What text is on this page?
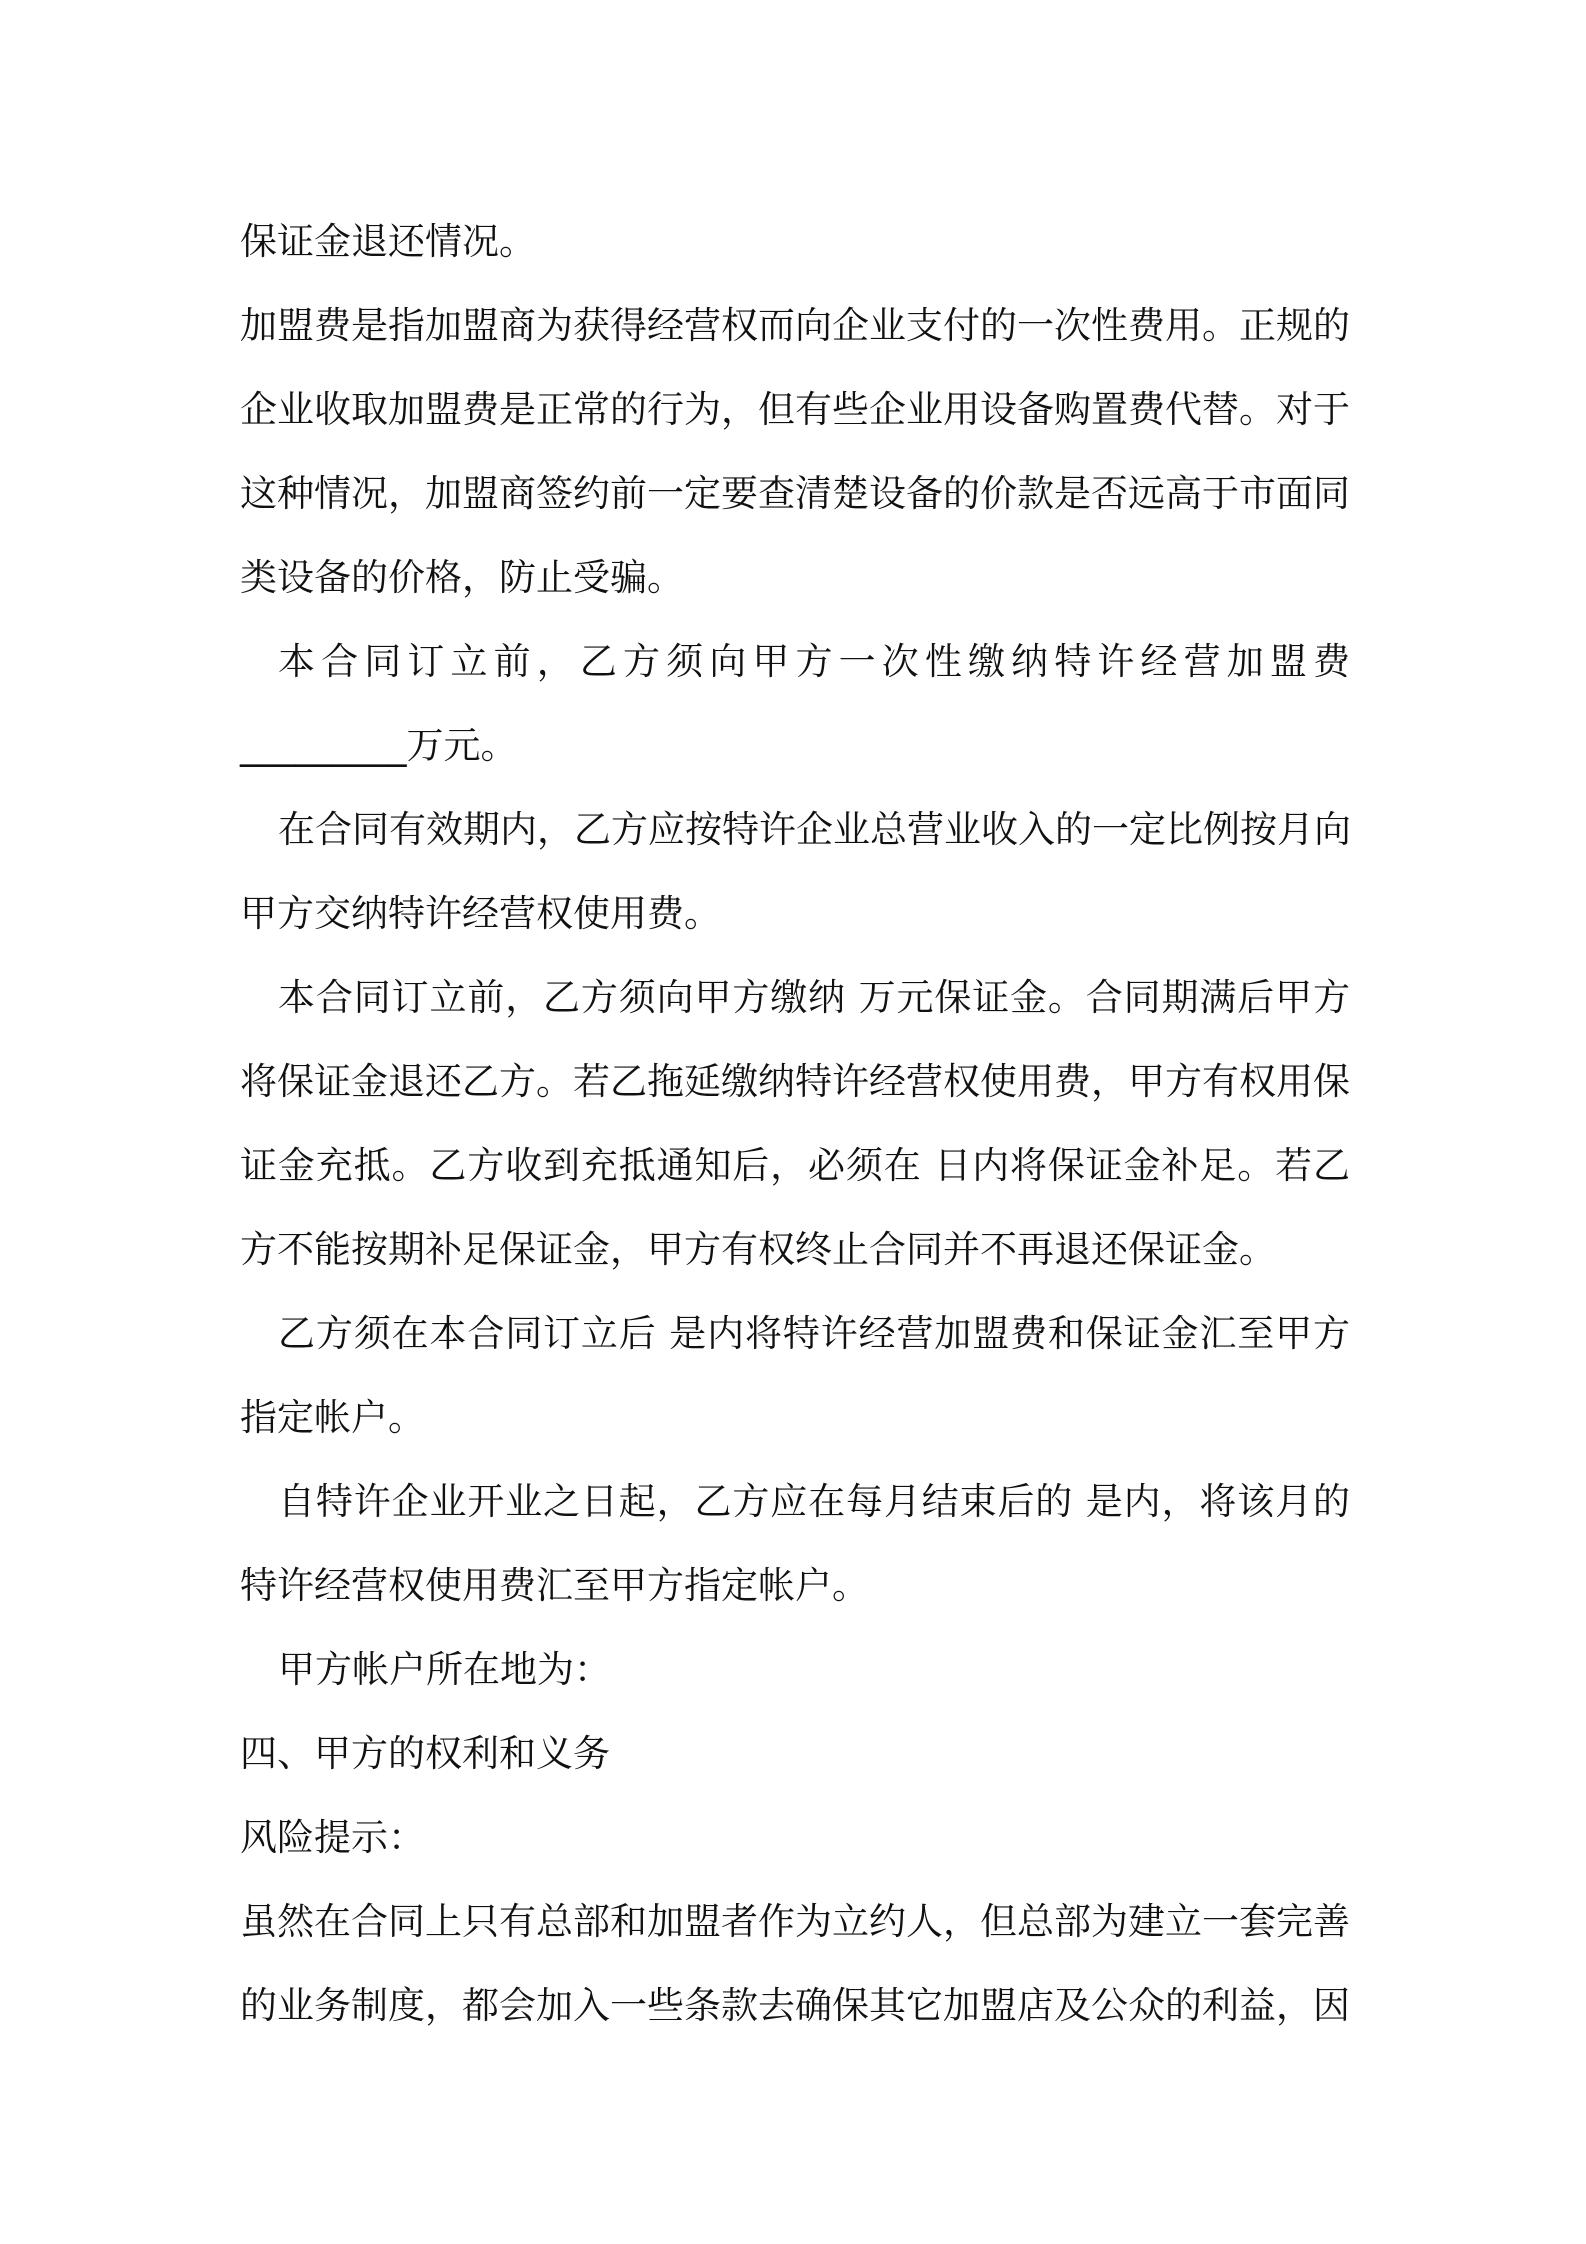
保证金退还情况。
加盟费是指加盟商为获得经营权而向企业支付的一次性费用。正规的
企业收取加盟费是正常的行为，但有些企业用设备购置费代替。对于
这种情况，加盟商签约前一定要查清楚设备的价款是否远高于市面同
类设备的价格，防止受骗。
本合同订立前，乙方须向甲方一次性缴纳特许经营加盟费
_________万元。
在合同有效期内，乙方应按特许企业总营业收入的一定比例按月向
甲方交纳特许经营权使用费。
本合同订立前，乙方须向甲方缴纳 万元保证金。合同期满后甲方
将保证金退还乙方。若乙拖延缴纳特许经营权使用费，甲方有权用保
证金充抵。乙方收到充抵通知后，必须在 日内将保证金补足。若乙
方不能按期补足保证金，甲方有权终止合同并不再退还保证金。
乙方须在本合同订立后 是内将特许经营加盟费和保证金汇至甲方
指定帐户。
自特许企业开业之日起，乙方应在每月结束后的 是内，将该月的
特许经营权使用费汇至甲方指定帐户。
甲方帐户所在地为：
四、甲方的权利和义务
风险提示：
虽然在合同上只有总部和加盟者作为立约人，但总部为建立一套完善
的业务制度，都会加入一些条款去确保其它加盟店及公众的利益，因
